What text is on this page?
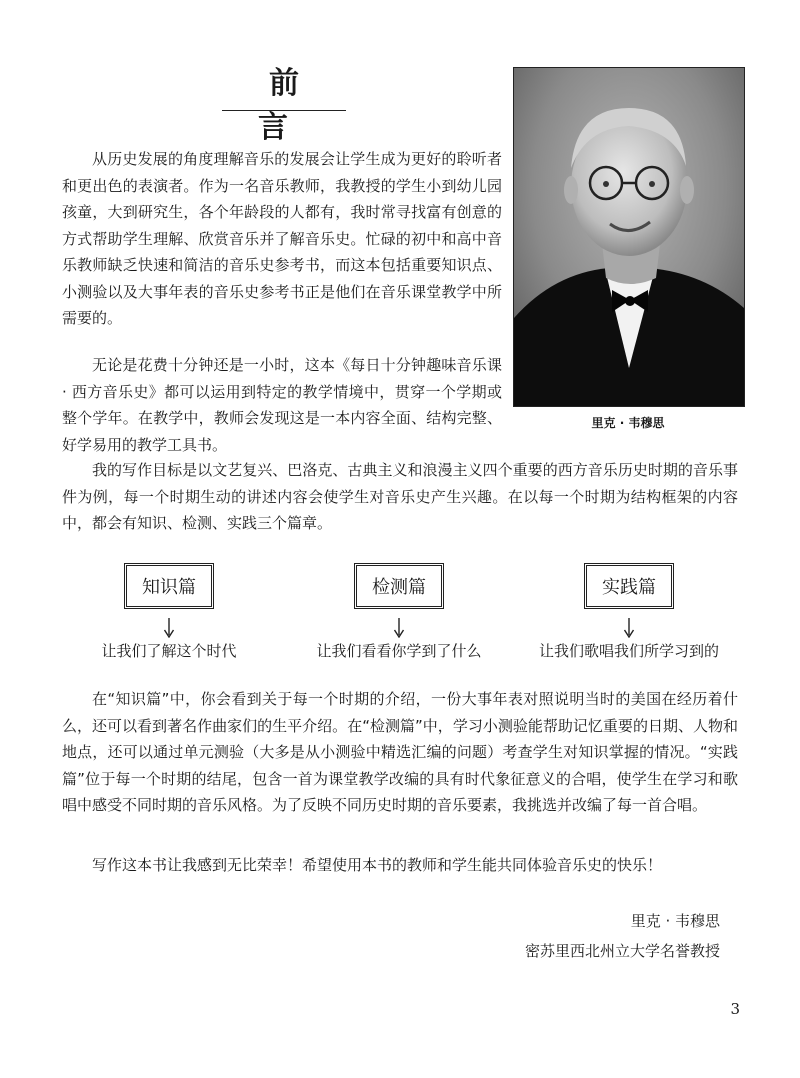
前 言
里克 · 韦穆思

从历史发展的角度理解音乐的发展会让学生成为更好的聆听者和更出色的表演者。作为一名音乐教师，我教授的学生小到幼儿园孩童，大到研究生，各个年龄段的人都有，我时常寻找富有创意的方式帮助学生理解、欣赏音乐并了解音乐史。忙碌的初中和高中音乐教师缺乏快速和简洁的音乐史参考书，而这本包括重要知识点、小测验以及大事年表的音乐史参考书正是他们在音乐课堂教学中所需要的。

无论是花费十分钟还是一小时，这本《每日十分钟趣味音乐课 · 西方音乐史》都可以运用到特定的教学情境中，贯穿一个学期或整个学年。在教学中，教师会发现这是一本内容全面、结构完整、好学易用的教学工具书。

我的写作目标是以文艺复兴、巴洛克、古典主义和浪漫主义四个重要的西方音乐历史时期的音乐事件为例，每一个时期生动的讲述内容会使学生对音乐史产生兴趣。在以每一个时期为结构框架的内容中，都会有知识、检测、实践三个篇章。

知识篇	检测篇	实践篇
让我们了解这个时代	让我们看看你学到了什么	让我们歌唱我们所学习到的

在“知识篇”中，你会看到关于每一个时期的介绍，一份大事年表对照说明当时的美国在经历着什么，还可以看到著名作曲家们的生平介绍。在“检测篇”中，学习小测验能帮助记忆重要的日期、人物和地点，还可以通过单元测验（大多是从小测验中精选汇编的问题）考查学生对知识掌握的情况。“实践篇”位于每一个时期的结尾，包含一首为课堂教学改编的具有时代象征意义的合唱，使学生在学习和歌唱中感受不同时期的音乐风格。为了反映不同历史时期的音乐要素，我挑选并改编了每一首合唱。

写作这本书让我感到无比荣幸！希望使用本书的教师和学生能共同体验音乐史的快乐！

里克 · 韦穆思
密苏里西北州立大学名誉教授
3
